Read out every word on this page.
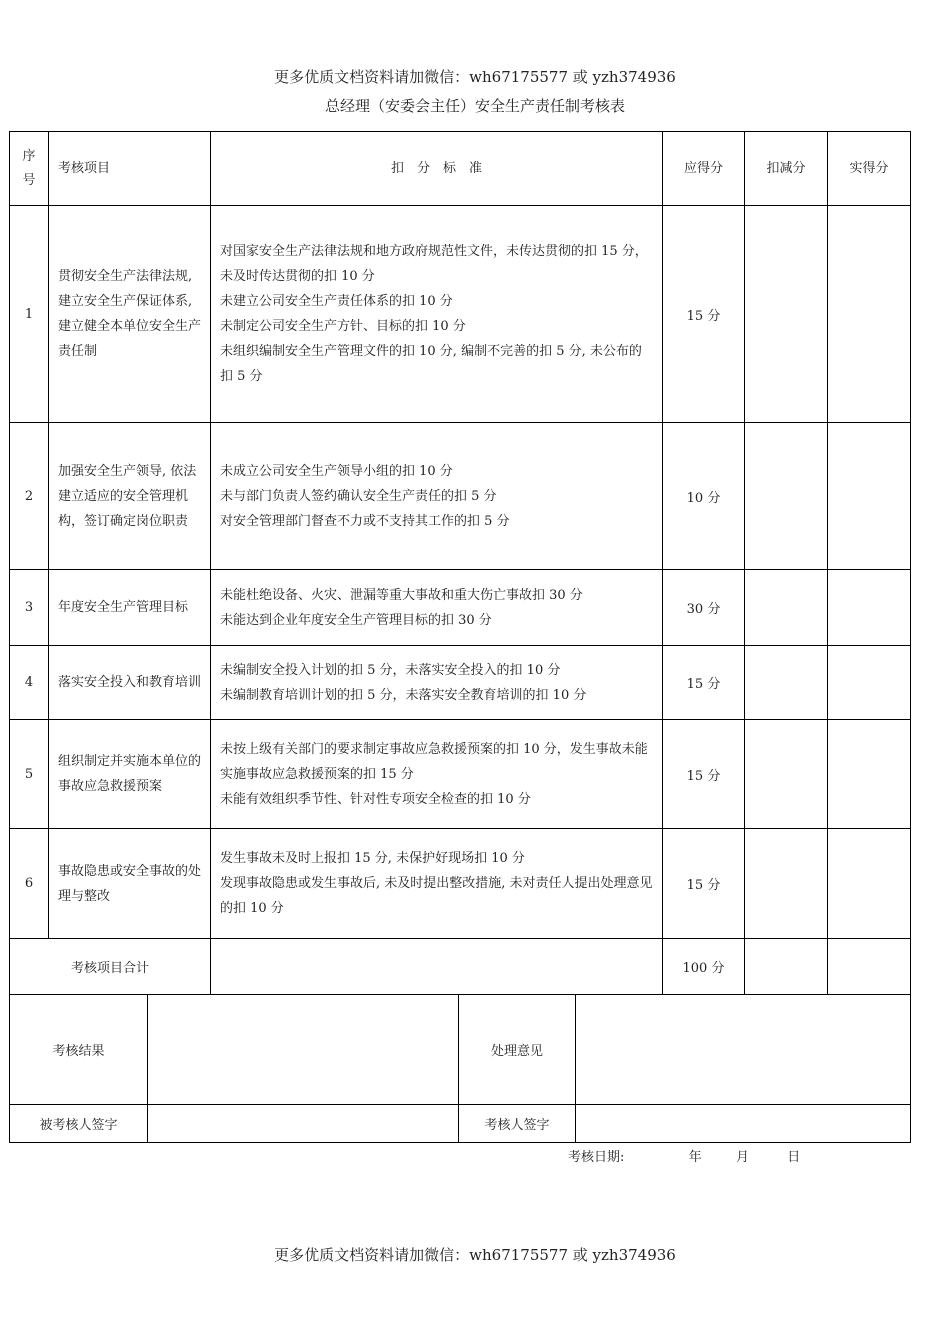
更多优质文档资料请加微信：wh67175577 或 yzh374936
总经理（安委会主任）安全生产责任制考核表
序号	考核项目	扣　分　标　准	应得分	扣减分	实得分
1	贯彻安全生产法律法规,建立安全生产保证体系,建立健全本单位安全生产责任制	对国家安全生产法律法规和地方政府规范性文件，未传达贯彻的扣 15 分，未及时传达贯彻的扣 10 分
未建立公司安全生产责任体系的扣 10 分
未制定公司安全生产方针、目标的扣 10 分
未组织编制安全生产管理文件的扣 10 分, 编制不完善的扣 5 分, 未公布的扣 5 分	15 分		
2	加强安全生产领导, 依法建立适应的安全管理机构，签订确定岗位职责	未成立公司安全生产领导小组的扣 10 分
未与部门负责人签约确认安全生产责任的扣 5 分
对安全管理部门督查不力或不支持其工作的扣 5 分	10 分		
3	年度安全生产管理目标	未能杜绝设备、火灾、泄漏等重大事故和重大伤亡事故扣 30 分
未能达到企业年度安全生产管理目标的扣 30 分	30 分		
4	落实安全投入和教育培训	未编制安全投入计划的扣 5 分，未落实安全投入的扣 10 分
未编制教育培训计划的扣 5 分，未落实安全教育培训的扣 10 分	15 分		
5	组织制定并实施本单位的事故应急救援预案	未按上级有关部门的要求制定事故应急救援预案的扣 10 分，发生事故未能实施事故应急救援预案的扣 15 分
未能有效组织季节性、针对性专项安全检查的扣 10 分	15 分		
6	事故隐患或安全事故的处理与整改	发生事故未及时上报扣 15 分, 未保护好现场扣 10 分
发现事故隐患或发生事故后, 未及时提出整改措施, 未对责任人提出处理意见的扣 10 分	15 分		
考核项目合计			100 分		
考核结果		处理意见	
被考核人签字		考核人签字	
考核日期:	年	月	日
更多优质文档资料请加微信：wh67175577 或 yzh374936
